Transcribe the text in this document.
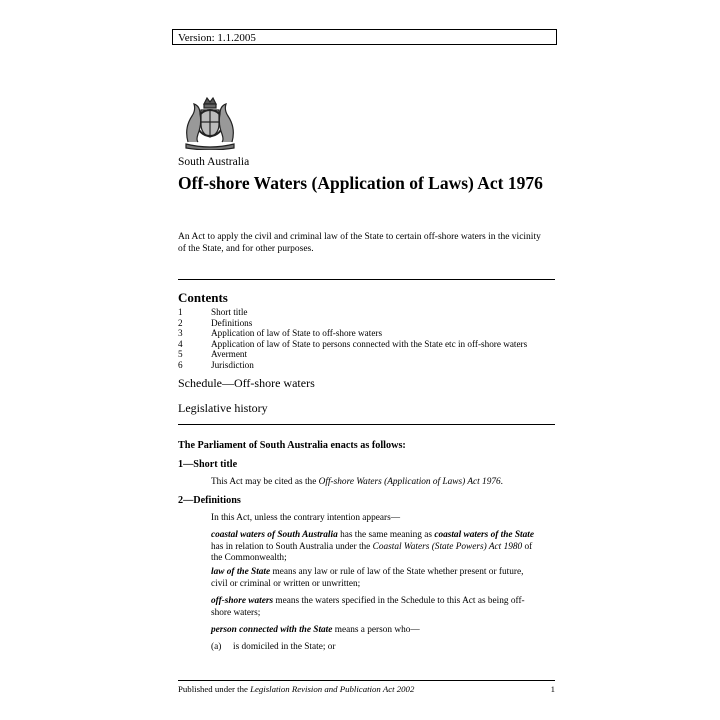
Version: 1.1.2005
South Australia
Off-shore Waters (Application of Laws) Act 1976
An Act to apply the civil and criminal law of the State to certain off-shore waters in the vicinity of the State, and for other purposes.
Contents
1	Short title
2	Definitions
3	Application of law of State to off-shore waters
4	Application of law of State to persons connected with the State etc in off-shore waters
5	Averment
6	Jurisdiction
Schedule—Off-shore waters
Legislative history
The Parliament of South Australia enacts as follows:
1—Short title
This Act may be cited as the Off-shore Waters (Application of Laws) Act 1976.
2—Definitions
In this Act, unless the contrary intention appears—
coastal waters of South Australia has the same meaning as coastal waters of the State has in relation to South Australia under the Coastal Waters (State Powers) Act 1980 of the Commonwealth;
law of the State means any law or rule of law of the State whether present or future, civil or criminal or written or unwritten;
off-shore waters means the waters specified in the Schedule to this Act as being off-shore waters;
person connected with the State means a person who—
(a)	is domiciled in the State; or
Published under the Legislation Revision and Publication Act 2002	1
